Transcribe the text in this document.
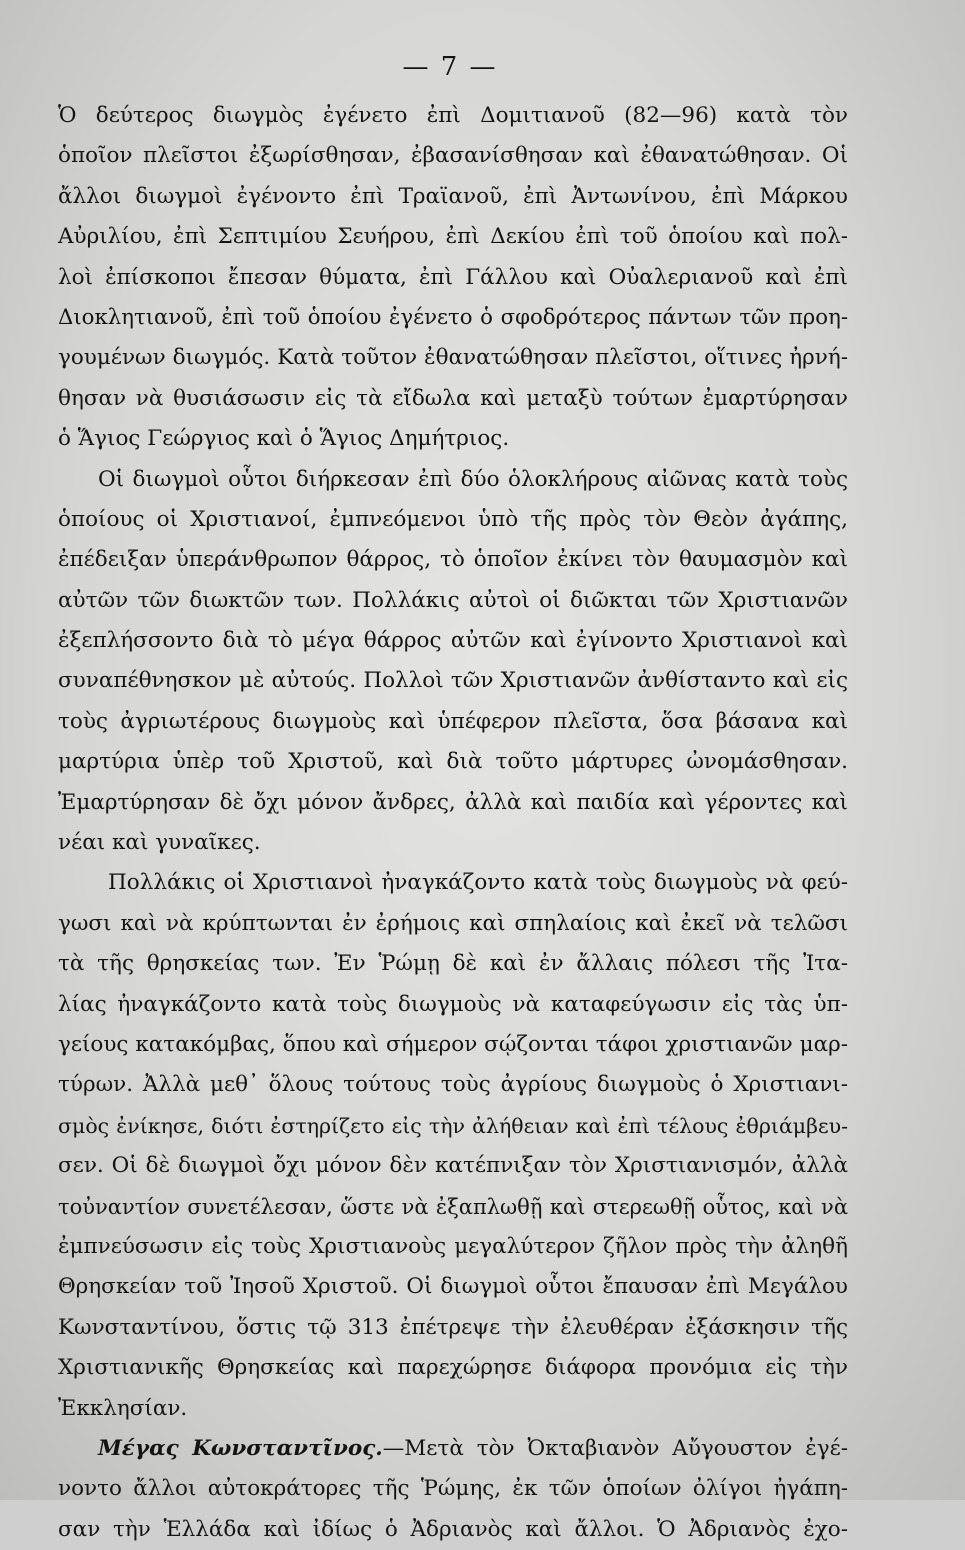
— 7 —
Ὁ δεύτερος διωγμὸς ἐγένετο ἐπὶ Δομιτιανοῦ (82—96) κατὰ τὸν
ὁποῖον πλεῖστοι ἐξωρίσθησαν, ἐβασανίσθησαν καὶ ἐθανατώθησαν. Οἱ
ἄλλοι διωγμοὶ ἐγένοντο ἐπὶ Τραϊανοῦ, ἐπὶ Ἀντωνίνου, ἐπὶ Μάρκου
Αὐριλίου, ἐπὶ Σεπτιμίου Σευήρου, ἐπὶ Δεκίου ἐπὶ τοῦ ὁποίου καὶ πολ-
λοὶ ἐπίσκοποι ἔπεσαν θύματα, ἐπὶ Γάλλου καὶ Οὐαλεριανοῦ καὶ ἐπὶ
Διοκλητιανοῦ, ἐπὶ τοῦ ὁποίου ἐγένετο ὁ σφοδρότερος πάντων τῶν προη-
γουμένων διωγμός. Κατὰ τοῦτον ἐθανατώθησαν πλεῖστοι, οἵτινες ἠρνή-
θησαν νὰ θυσιάσωσιν εἰς τὰ εἴδωλα καὶ μεταξὺ τούτων ἐμαρτύρησαν
ὁ Ἅγιος Γεώργιος καὶ ὁ Ἅγιος Δημήτριος.
Οἱ διωγμοὶ οὗτοι διήρκεσαν ἐπὶ δύο ὁλοκλήρους αἰῶνας κατὰ τοὺς
ὁποίους οἱ Χριστιανοί, ἐμπνεόμενοι ὑπὸ τῆς πρὸς τὸν Θεὸν ἀγάπης,
ἐπέδειξαν ὑπεράνθρωπον θάρρος, τὸ ὁποῖον ἐκίνει τὸν θαυμασμὸν καὶ
αὐτῶν τῶν διωκτῶν των. Πολλάκις αὐτοὶ οἱ διῶκται τῶν Χριστιανῶν
ἐξεπλήσσοντο διὰ τὸ μέγα θάρρος αὐτῶν καὶ ἐγίνοντο Χριστιανοὶ καὶ
συναπέθνησκον μὲ αὐτούς. Πολλοὶ τῶν Χριστιανῶν ἀνθίσταντο καὶ εἰς
τοὺς ἀγριωτέρους διωγμοὺς καὶ ὑπέφερον πλεῖστα, ὅσα βάσανα καὶ
μαρτύρια ὑπὲρ τοῦ Χριστοῦ, καὶ διὰ τοῦτο μάρτυρες ὠνομάσθησαν.
Ἐμαρτύρησαν δὲ ὄχι μόνον ἄνδρες, ἀλλὰ καὶ παιδία καὶ γέροντες καὶ
νέαι καὶ γυναῖκες.
Πολλάκις οἱ Χριστιανοὶ ἠναγκάζοντο κατὰ τοὺς διωγμοὺς νὰ φεύ-
γωσι καὶ νὰ κρύπτωνται ἐν ἐρήμοις καὶ σπηλαίοις καὶ ἐκεῖ νὰ τελῶσι
τὰ τῆς θρησκείας των. Ἐν Ῥώμῃ δὲ καὶ ἐν ἄλλαις πόλεσι τῆς Ἰτα-
λίας ἠναγκάζοντο κατὰ τοὺς διωγμοὺς νὰ καταφεύγωσιν εἰς τὰς ὑπ-
γείους κατακόμβας, ὅπου καὶ σήμερον σῴζονται τάφοι χριστιανῶν μαρ-
τύρων. Ἀλλὰ μεθ᾽ ὅλους τούτους τοὺς ἀγρίους διωγμοὺς ὁ Χριστιανι-
σμὸς ἐνίκησε, διότι ἐστηρίζετο εἰς τὴν ἀλήθειαν καὶ ἐπὶ τέλους ἐθριάμβευ-
σεν. Οἱ δὲ διωγμοὶ ὄχι μόνον δὲν κατέπνιξαν τὸν Χριστιανισμόν, ἀλλὰ
τοὐναντίον συνετέλεσαν, ὥστε νὰ ἐξαπλωθῇ καὶ στερεωθῇ οὗτος, καὶ νὰ
ἐμπνεύσωσιν εἰς τοὺς Χριστιανοὺς μεγαλύτερον ζῆλον πρὸς τὴν ἀληθῆ
Θρησκείαν τοῦ Ἰησοῦ Χριστοῦ. Οἱ διωγμοὶ οὗτοι ἔπαυσαν ἐπὶ Μεγάλου
Κωνσταντίνου, ὅστις τῷ 313 ἐπέτρεψε τὴν ἐλευθέραν ἐξάσκησιν τῆς
Χριστιανικῆς Θρησκείας καὶ παρεχώρησε διάφορα προνόμια εἰς τὴν
Ἐκκλησίαν.
Μέγας Κωνσταντῖνος.—Μετὰ τὸν Ὀκταβιανὸν Αὔγουστον ἐγέ-
νοντο ἄλλοι αὐτοκράτορες τῆς Ῥώμης, ἐκ τῶν ὁποίων ὀλίγοι ἠγάπη-
σαν τὴν Ἑλλάδα καὶ ἰδίως ὁ Ἀδριανὸς καὶ ἄλλοι. Ὁ Ἀδριανὸς ἐχο-
